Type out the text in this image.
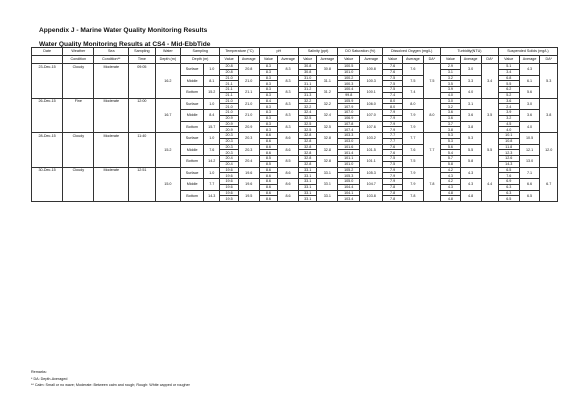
Appendix J - Marine Water Quality Monitoring Results
Water Quality Monitoring Results at CS4 - Mid-EbbTide
Date	Weather	Sea	Sampling	Water	Sampling		Temperature (°C)		pH		Salinity (ppt)		DO Saturation (%)		Dissolved Oxygen (mg/L)			Turbidity(NTU)			Suspended Solids (mg/L)		
	Condition	Condition**	Time	Depth (m)	Depth (m)		Value	Average	Value	Average	Value	Average	Value	Average	Value	Average	DA*	Value	Average	DA*	Value	Average	DA*
23-Dec-15	Cloudy	Moderate	09:05	16.2	Surface	1.0	20.8	20.8	8.3	8.3	30.8	30.8	100.5	100.8	7.6	7.6	7.5	2.9	3.0	3.4	5.1	4.3	5.3
							20.8		8.3		30.8		101.0		7.6			3.1			3.4		
					Middle	8.1	21.0	21.0	8.3	8.3	31.0	31.1	100.2	100.3	7.5	7.5		3.2	3.3		6.8	6.1	
							21.1		8.3		31.1		100.3		7.5			3.5			5.5		
					Bottom	15.2	21.1	21.1	8.3	8.3	31.2	31.2	100.4	100.1	7.5	7.4		3.9	4.0		6.2	5.6	
							21.1		8.3		31.3		99.8		7.4			4.0			5.2		
26-Dec-15	Fine	Moderate	12:00	16.7	Surface	1.0	21.0	21.0	8.4	8.3	32.2	32.2	105.9	106.0	8.0	8.0	8.0	3.0	3.1	3.5	3.6	3.0	3.8
							21.0		8.3		32.2		107.9		8.0			3.2			2.4		
					Middle	8.4	21.0	21.0	8.3	8.3	32.4	32.4	107.0	107.0	7.9	7.9		3.6	3.6		3.9	3.6	
							20.9		8.3		32.5		106.9		7.9			3.6			3.2		
					Bottom	15.7	20.9	20.9	8.3	8.3	32.5	32.5	107.8	107.6	7.9	7.9		3.7	3.8		4.5	4.0	
							20.9		8.3		32.5		107.4		7.9			3.8			4.0		
28-Dec-15	Cloudy	Moderate	11:40	15.2	Surface	1.0	20.3	20.3	8.6	8.6	32.8	32.8	103.3	103.2	7.7	7.7	7.7	5.3	5.3	5.5	10.1	10.5	12.0
							20.3		8.6		32.8		103.0		7.7			5.3			10.8		
					Middle	7.6	20.3	20.3	8.6	8.6	32.8	32.8	101.6	101.5	7.6	7.6		5.6	5.5		11.8	12.1	
							20.3		8.6		32.8		101.4		7.6			5.4			12.3		
					Bottom	14.2	20.4	20.4	8.5	8.5	32.8	32.8	101.1	101.1	7.5	7.5		5.7	5.8		12.6	13.0	
							20.4		8.5		32.8		101.0		7.5			5.8			14.3		
30-Dec-15	Cloudy	Moderate	12:51	15.0	Surface	1.0	19.6	19.6	8.6	8.6	33.1	33.1	105.2	105.3	7.9	7.9	7.8	4.2	4.3	4.4	6.5	7.1	6.7
							19.6		8.6		33.1		105.3		7.9			4.3			7.6		
					Middle	7.7	19.6	19.6	8.6	8.6	33.1	33.1	105.0	104.7	7.9	7.9		4.2	4.3		6.9	6.6	
							19.6		8.6		33.1		104.4		7.8			4.3			6.3		
					Bottom	14.3	19.6	19.5	8.6	8.6	33.1	33.1	104.1	103.8	7.8	7.8		4.8	4.8		6.3	6.5	
							19.5		8.6		33.1		103.4		7.8			4.8			6.5		
Remarks:
* DA: Depth-Averaged
** Calm: Small or no wave; Moderate: Between calm and rough; Rough: White capped or rougher
